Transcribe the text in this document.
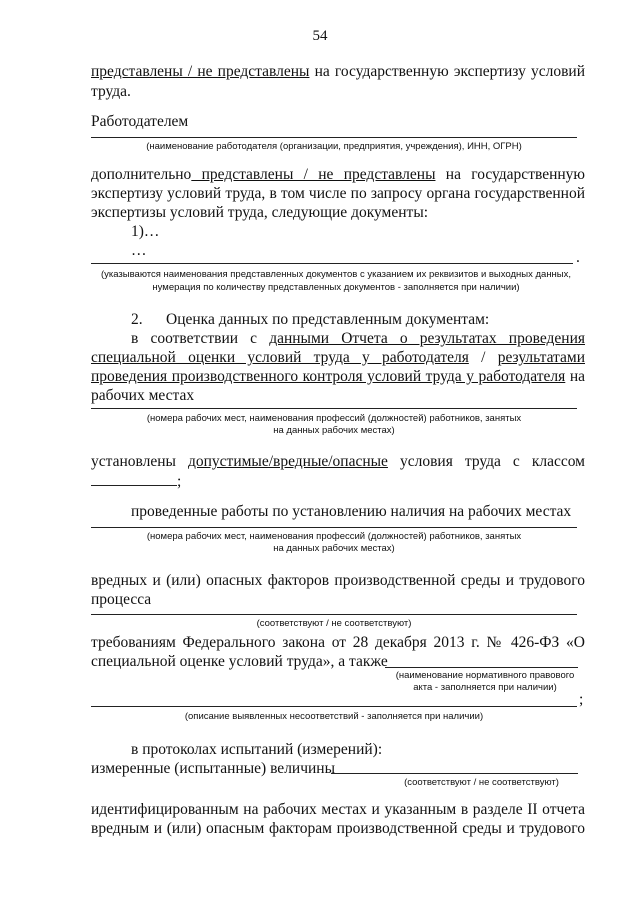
54
представлены / не представлены на государственную экспертизу условий
труда.
Работодателем
(наименование работодателя (организации, предприятия, учреждения), ИНН, ОГРН)
дополнительно представлены / не представлены на государственную
экспертизу условий труда, в том числе по запросу органа государственной
экспертизы условий труда, следующие документы:
1)…
…	.
(указываются наименования представленных документов с указанием их реквизитов и выходных данных,
нумерация по количеству представленных документов - заполняется при наличии)
2.	Оценка данных по представленным документам:
в соответствии с данными Отчета о результатах проведения
специальной оценки условий труда у работодателя / результатами
проведения производственного контроля условий труда у работодателя на
рабочих местах
(номера рабочих мест, наименования профессий (должностей) работников, занятых
на данных рабочих местах)
установлены допустимые/вредные/опасные условия труда с классом
;
проведенные работы по установлению наличия на рабочих местах
(номера рабочих мест, наименования профессий (должностей) работников, занятых
на данных рабочих местах)
вредных и (или) опасных факторов производственной среды и трудового
процесса
(соответствуют / не соответствуют)
требованиям Федерального закона от 28 декабря 2013 г. № 426-ФЗ «О
специальной оценке условий труда», а также
(наименование нормативного правового
акта - заполняется при наличии)
;
(описание выявленных несоответствий - заполняется при наличии)
в протоколах испытаний (измерений):
измеренные (испытанные) величины
(соответствуют / не соответствуют)
идентифицированным на рабочих местах и указанным в разделе II отчета
вредным и (или) опасным факторам производственной среды и трудового
